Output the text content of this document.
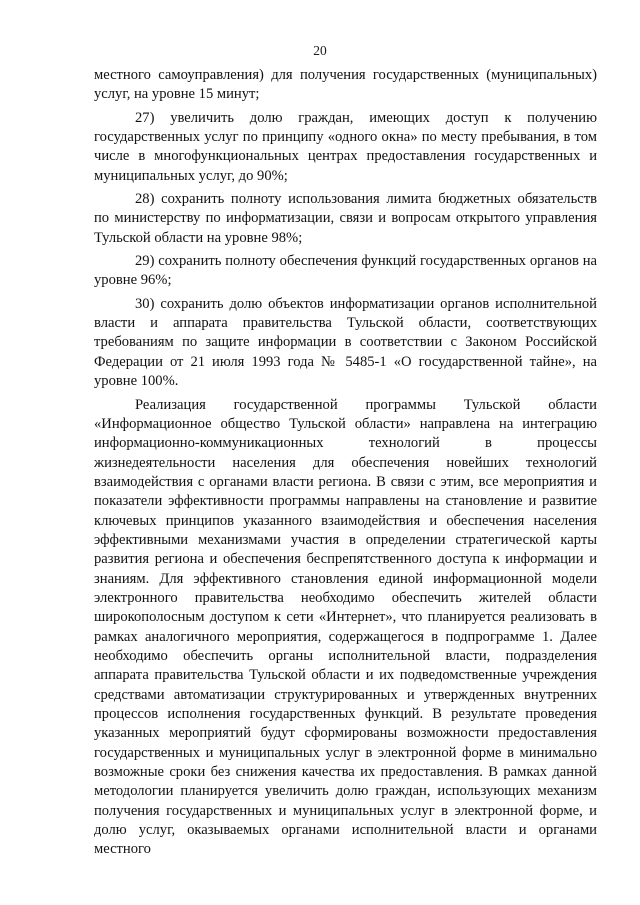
20

местного самоуправления) для получения государственных (муниципальных) услуг, на уровне 15 минут;

27) увеличить долю граждан, имеющих доступ к получению государственных услуг по принципу «одного окна» по месту пребывания, в том числе в многофункциональных центрах предоставления государственных и муниципальных услуг, до 90%;

28) сохранить полноту использования лимита бюджетных обязательств по министерству по информатизации, связи и вопросам открытого управления Тульской области на уровне 98%;

29) сохранить полноту обеспечения функций государственных органов на уровне 96%;

30) сохранить долю объектов информатизации органов исполнительной власти и аппарата правительства Тульской области, соответствующих требованиям по защите информации в соответствии с Законом Российской Федерации от 21 июля 1993 года № 5485-1 «О государственной тайне», на уровне 100%.

Реализация государственной программы Тульской области «Информационное общество Тульской области» направлена на интеграцию информационно-коммуникационных технологий в процессы жизнедеятельности населения для обеспечения новейших технологий взаимодействия с органами власти региона. В связи с этим, все мероприятия и показатели эффективности программы направлены на становление и развитие ключевых принципов указанного взаимодействия и обеспечения населения эффективными механизмами участия в определении стратегической карты развития региона и обеспечения беспрепятственного доступа к информации и знаниям. Для эффективного становления единой информационной модели электронного правительства необходимо обеспечить жителей области широкополосным доступом к сети «Интернет», что планируется реализовать в рамках аналогичного мероприятия, содержащегося в подпрограмме 1. Далее необходимо обеспечить органы исполнительной власти, подразделения аппарата правительства Тульской области и их подведомственные учреждения средствами автоматизации структурированных и утвержденных внутренних процессов исполнения государственных функций. В результате проведения указанных мероприятий будут сформированы возможности предоставления государственных и муниципальных услуг в электронной форме в минимально возможные сроки без снижения качества их предоставления. В рамках данной методологии планируется увеличить долю граждан, использующих механизм получения государственных и муниципальных услуг в электронной форме, и долю услуг, оказываемых органами исполнительной власти и органами местного
